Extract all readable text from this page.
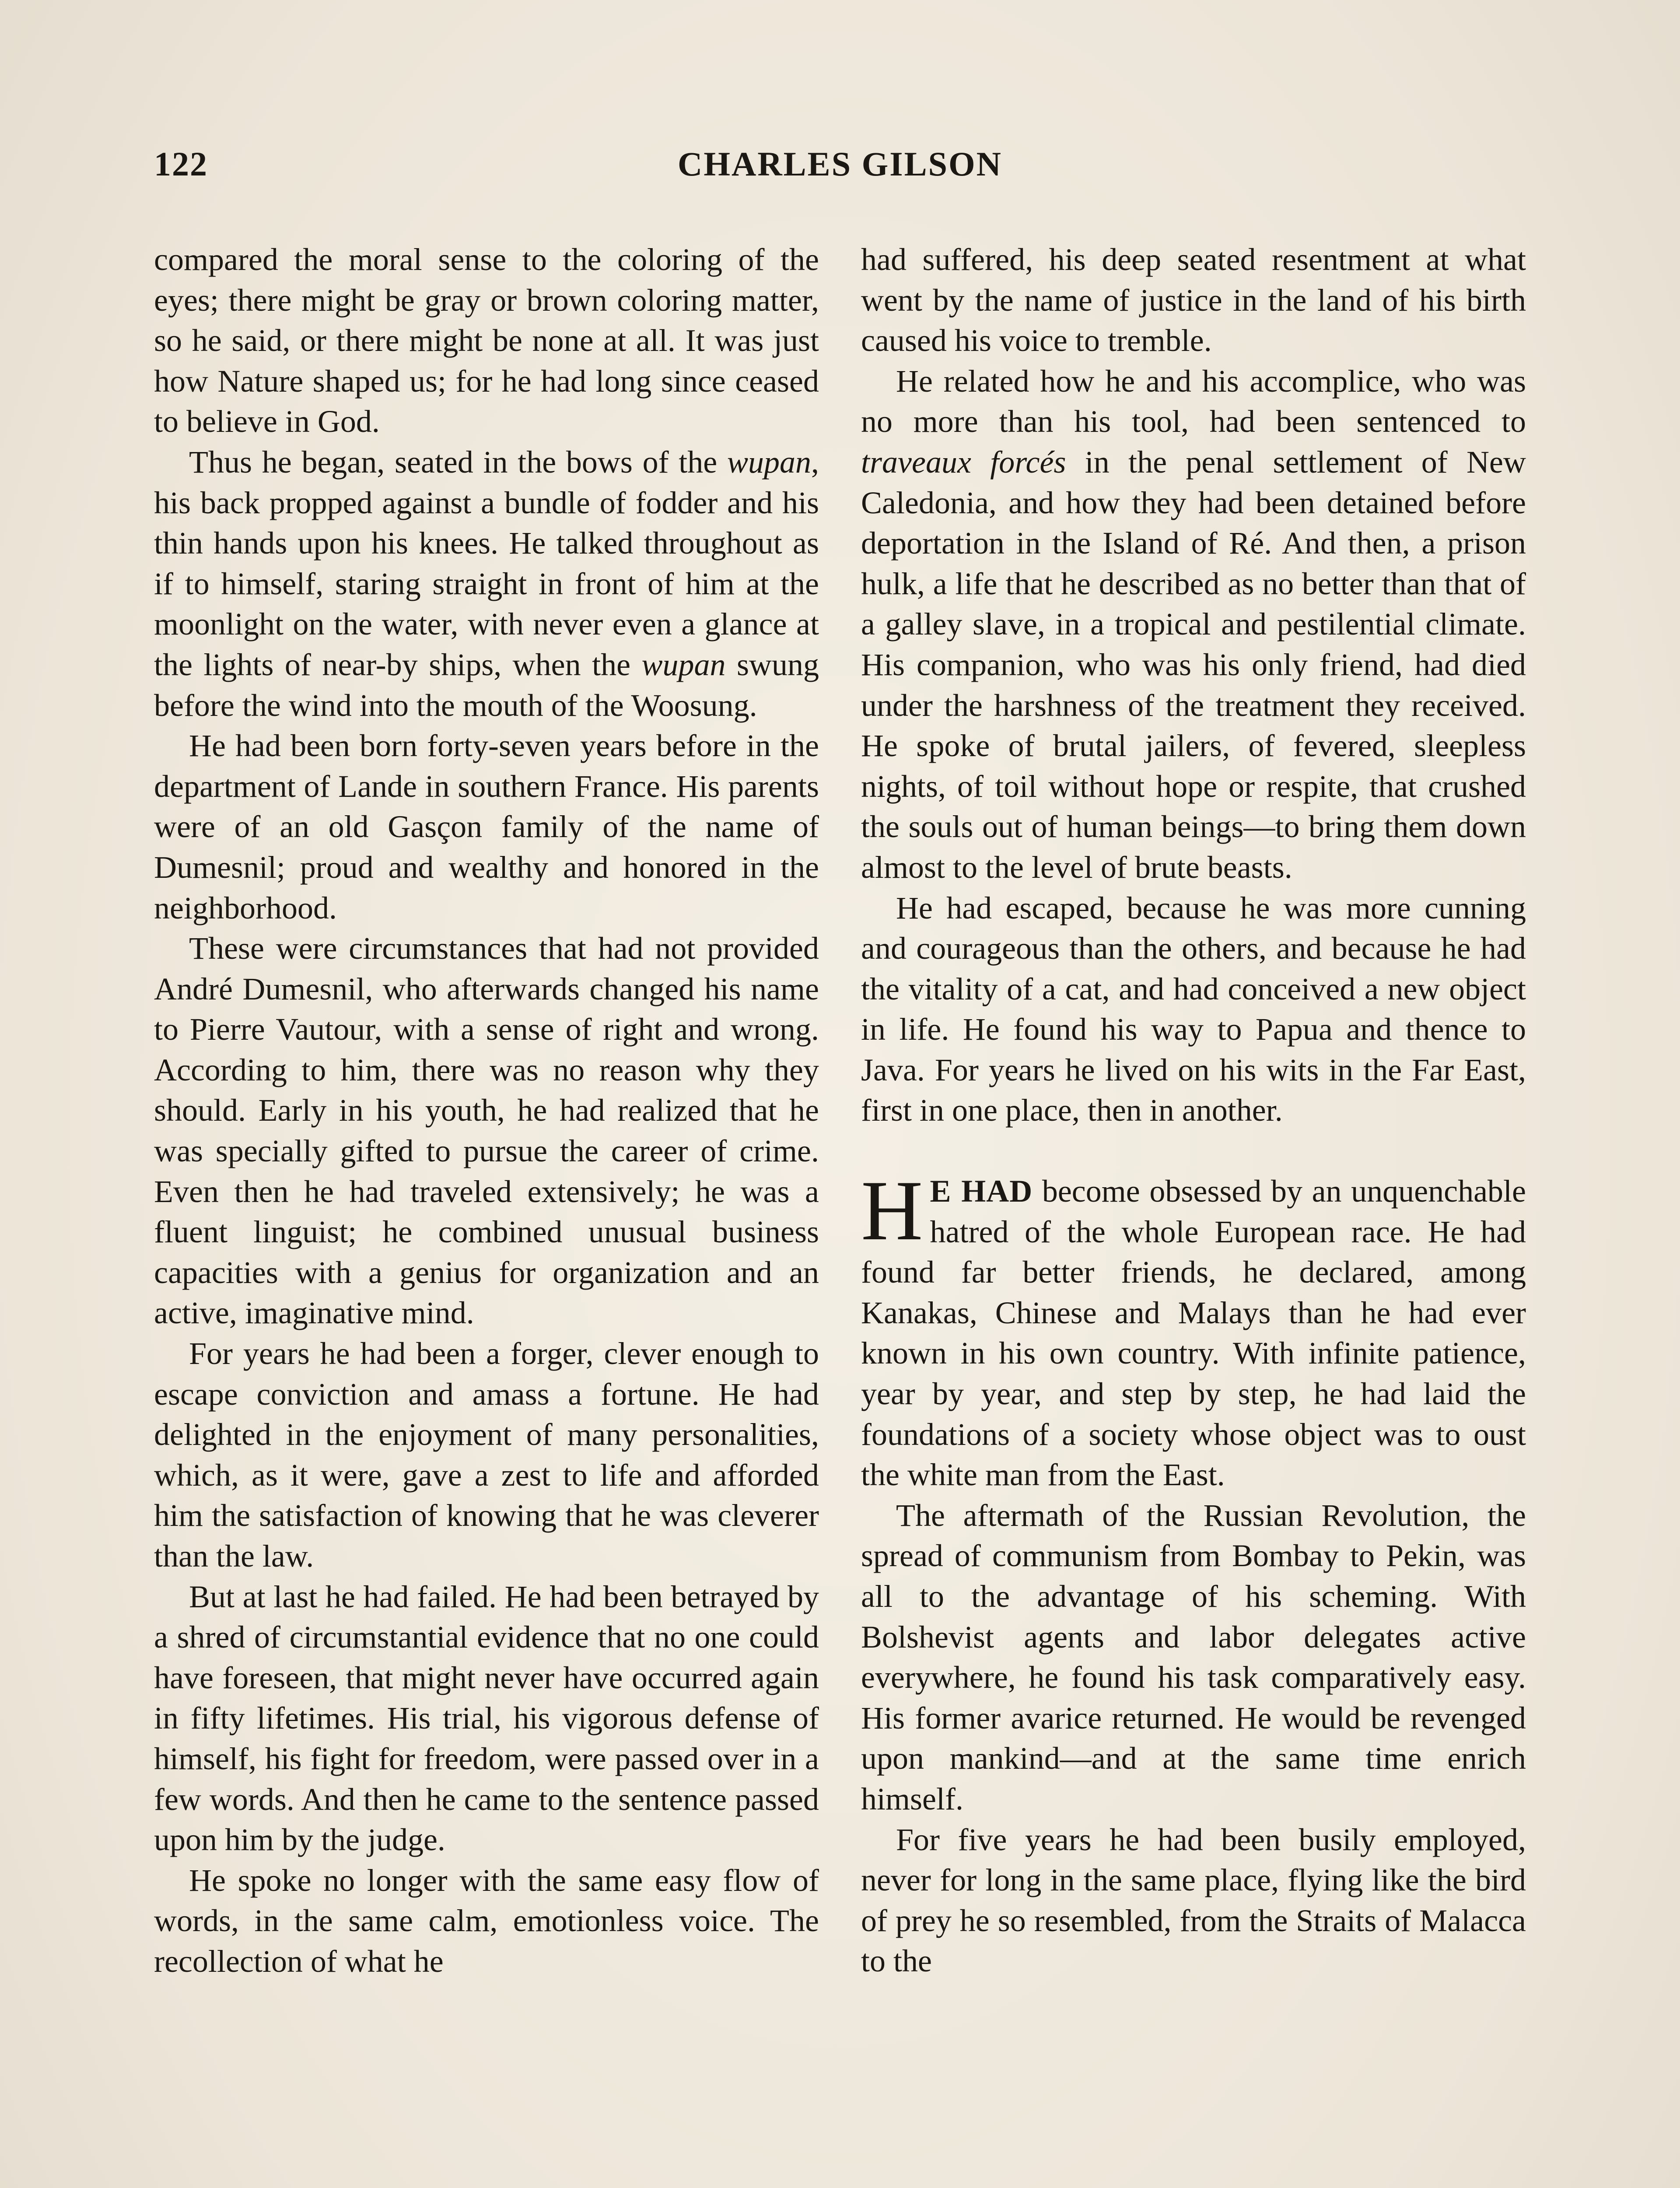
122	CHARLES GILSON

compared the moral sense to the coloring of the eyes; there might be gray or brown coloring matter, so he said, or there might be none at all. It was just how Nature shaped us; for he had long since ceased to believe in God.

Thus he began, seated in the bows of the wupan, his back propped against a bundle of fodder and his thin hands upon his knees. He talked throughout as if to himself, staring straight in front of him at the moonlight on the water, with never even a glance at the lights of near-by ships, when the wupan swung before the wind into the mouth of the Woosung.

He had been born forty-seven years before in the department of Lande in southern France. His parents were of an old Gasçon family of the name of Dumesnil; proud and wealthy and honored in the neighborhood.

These were circumstances that had not provided André Dumesnil, who afterwards changed his name to Pierre Vautour, with a sense of right and wrong. According to him, there was no reason why they should. Early in his youth, he had realized that he was specially gifted to pursue the career of crime. Even then he had traveled extensively; he was a fluent linguist; he combined unusual business capacities with a genius for organization and an active, imaginative mind.

For years he had been a forger, clever enough to escape conviction and amass a fortune. He had delighted in the enjoyment of many personalities, which, as it were, gave a zest to life and afforded him the satisfaction of knowing that he was cleverer than the law.

But at last he had failed. He had been betrayed by a shred of circumstantial evidence that no one could have foreseen, that might never have occurred again in fifty lifetimes. His trial, his vigorous defense of himself, his fight for freedom, were passed over in a few words. And then he came to the sentence passed upon him by the judge.

He spoke no longer with the same easy flow of words, in the same calm, emotionless voice. The recollection of what he

had suffered, his deep seated resentment at what went by the name of justice in the land of his birth caused his voice to tremble.

He related how he and his accomplice, who was no more than his tool, had been sentenced to traveaux forcés in the penal settlement of New Caledonia, and how they had been detained before deportation in the Island of Ré. And then, a prison hulk, a life that he described as no better than that of a galley slave, in a tropical and pestilential climate. His companion, who was his only friend, had died under the harshness of the treatment they received. He spoke of brutal jailers, of fevered, sleepless nights, of toil without hope or respite, that crushed the souls out of human beings—to bring them down almost to the level of brute beasts.

He had escaped, because he was more cunning and courageous than the others, and because he had the vitality of a cat, and had conceived a new object in life. He found his way to Papua and thence to Java. For years he lived on his wits in the Far East, first in one place, then in another.

H E HAD become obsessed by an unquenchable hatred of the whole European race. He had found far better friends, he declared, among Kanakas, Chinese and Malays than he had ever known in his own country. With infinite patience, year by year, and step by step, he had laid the foundations of a society whose object was to oust the white man from the East.

The aftermath of the Russian Revolution, the spread of communism from Bombay to Pekin, was all to the advantage of his scheming. With Bolshevist agents and labor delegates active everywhere, he found his task comparatively easy. His former avarice returned. He would be revenged upon mankind—and at the same time enrich himself.

For five years he had been busily employed, never for long in the same place, flying like the bird of prey he so resembled, from the Straits of Malacca to the
